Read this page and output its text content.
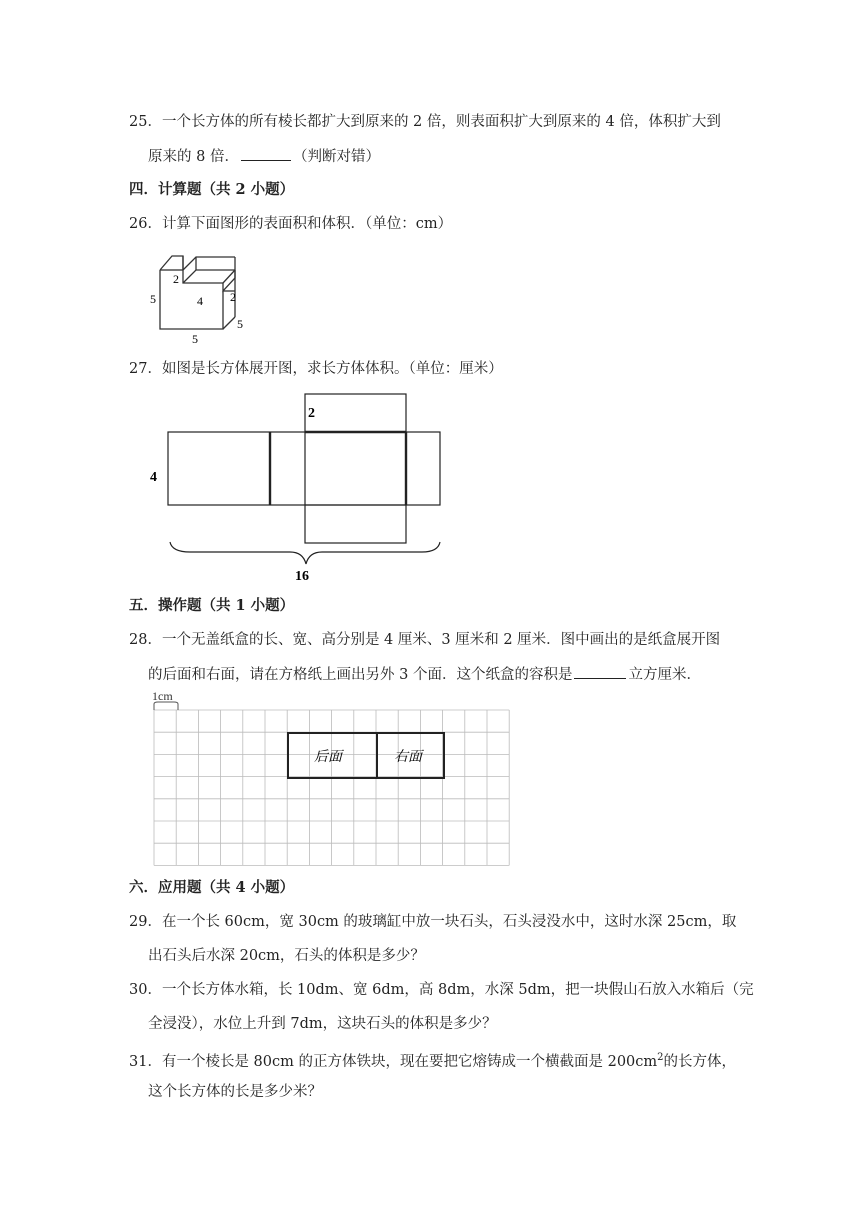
25．一个长方体的所有棱长都扩大到原来的 2 倍，则表面积扩大到原来的 4 倍，体积扩大到
原来的 8 倍．	（判断对错）
四．计算题（共 2 小题）
26．计算下面图形的表面积和体积．（单位：cm）
2
4 2
5
5
5
27．如图是长方体展开图，求长方体体积。（单位：厘米）
2
4
16
五．操作题（共 1 小题）
28．一个无盖纸盒的长、宽、高分别是 4 厘米、3 厘米和 2 厘米．图中画出的是纸盒展开图
的后面和右面，请在方格纸上画出另外 3 个面．这个纸盒的容积是	立方厘米．
1cm
后面	右面
六．应用题（共 4 小题）
29．在一个长 60cm，宽 30cm 的玻璃缸中放一块石头，石头浸没水中，这时水深 25cm，取
出石头后水深 20cm，石头的体积是多少？
30．一个长方体水箱，长 10dm、宽 6dm，高 8dm，水深 5dm，把一块假山石放入水箱后（完
全浸没），水位上升到 7dm，这块石头的体积是多少？
31．有一个棱长是 80cm 的正方体铁块，现在要把它熔铸成一个横截面是 $200cm^2$的长方体，
这个长方体的长是多少米？
